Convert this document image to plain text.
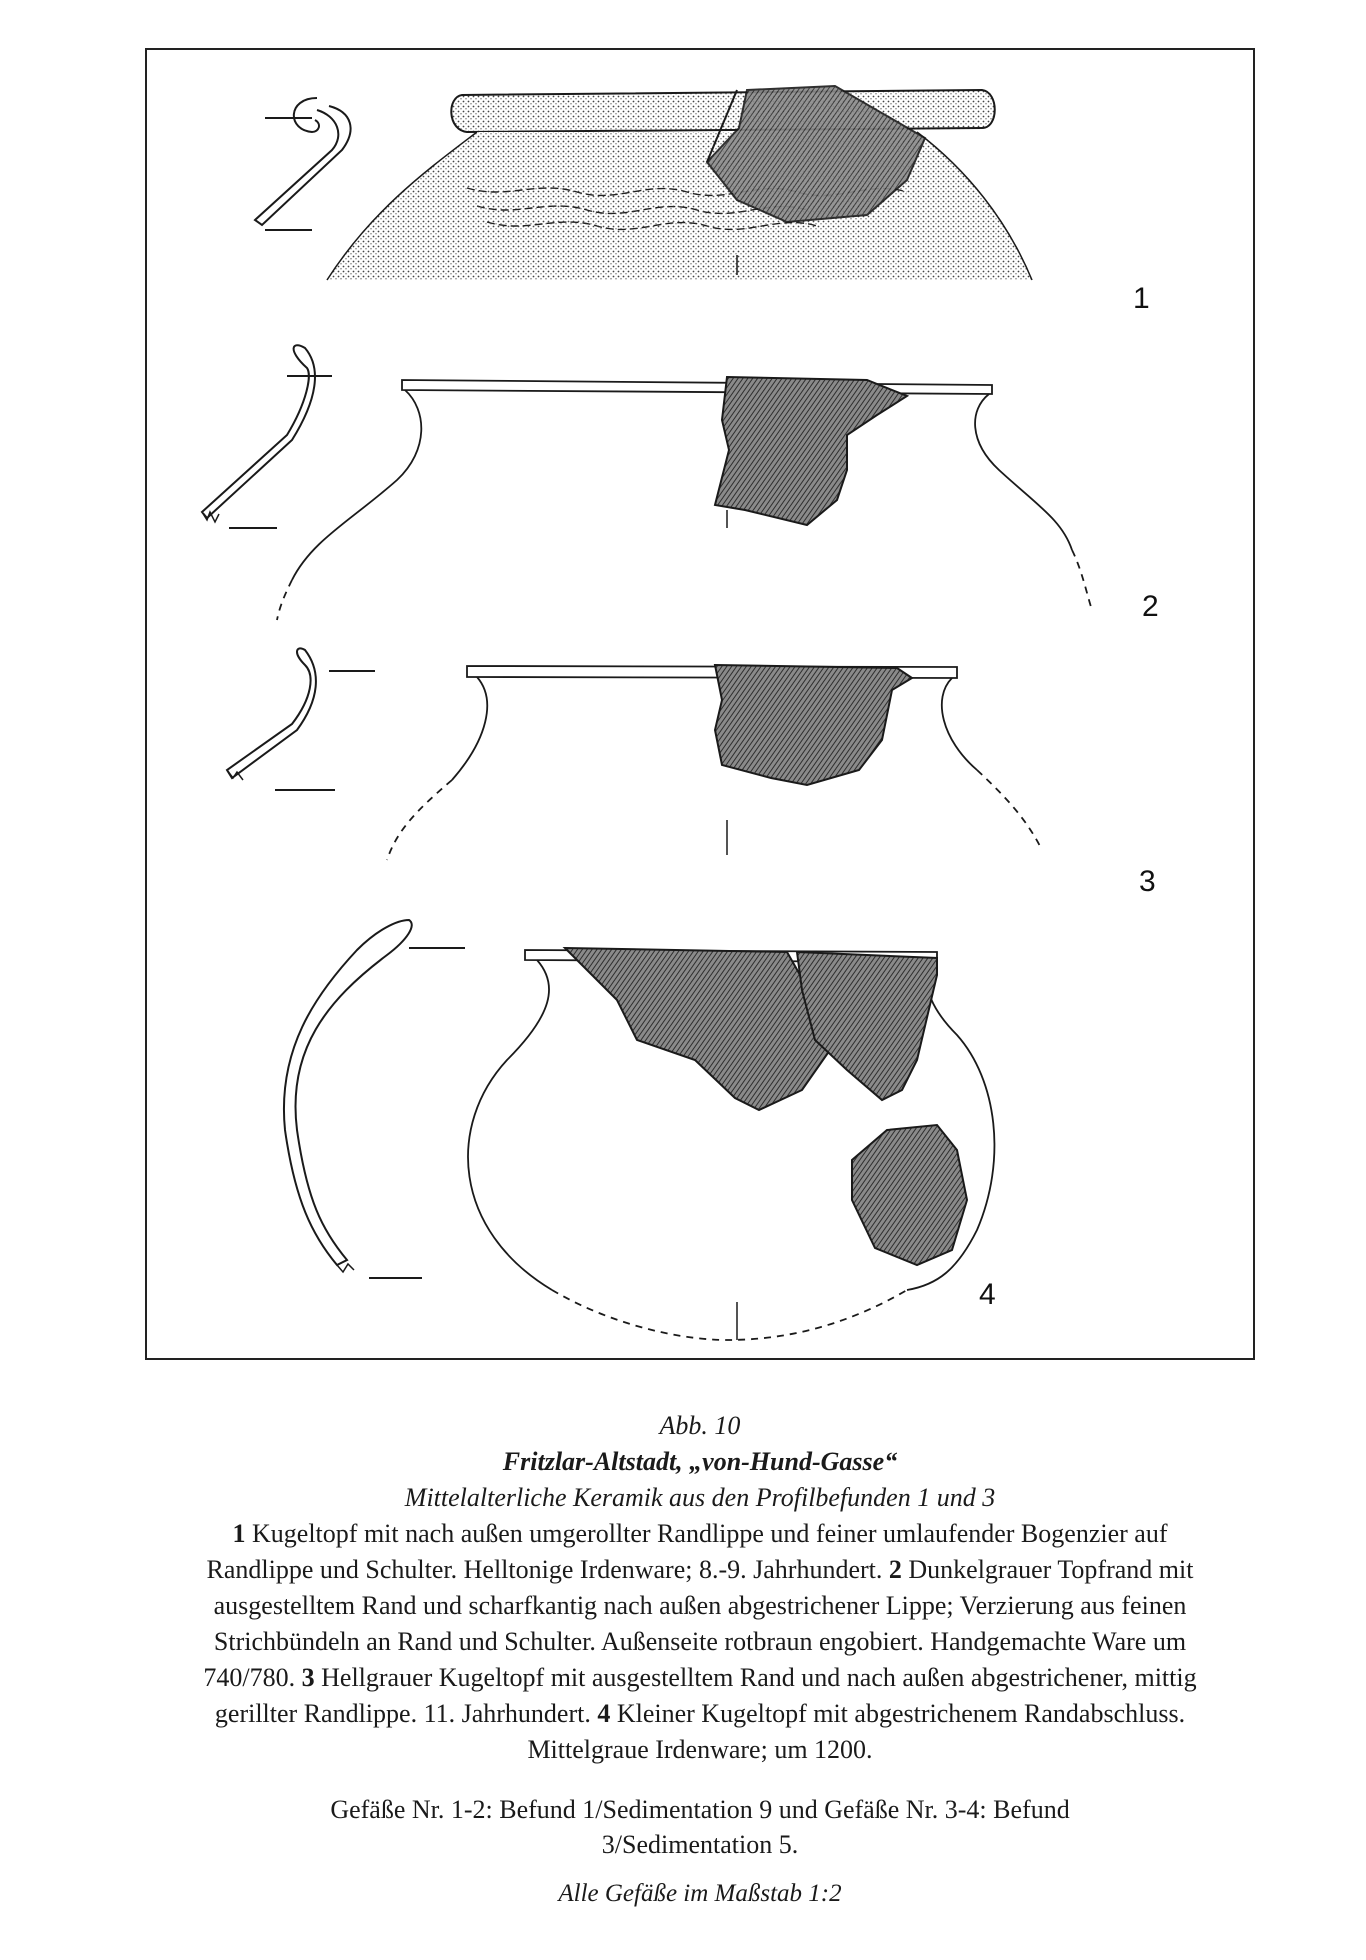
1
2
3
4
Abb. 10
Fritzlar-Altstadt, „von-Hund-Gasse“
Mittelalterliche Keramik aus den Profilbefunden 1 und 3
1 Kugeltopf mit nach außen umgerollter Randlippe und feiner umlaufender Bogenzier auf Randlippe und Schulter. Helltonige Irdenware; 8.-9. Jahrhundert. 2 Dunkelgrauer Topfrand mit ausgestelltem Rand und scharfkantig nach außen abgestrichener Lippe; Verzierung aus feinen Strichbündeln an Rand und Schulter. Außenseite rotbraun engobiert. Handgemachte Ware um 740/780. 3 Hellgrauer Kugeltopf mit ausgestelltem Rand und nach außen abgestrichener, mittig gerillter Randlippe. 11. Jahrhundert. 4 Kleiner Kugeltopf mit abgestrichenem Randabschluss. Mittelgraue Irdenware; um 1200.
Gefäße Nr. 1-2: Befund 1/Sedimentation 9 und Gefäße Nr. 3-4: Befund
3/Sedimentation 5.
Alle Gefäße im Maßstab 1:2
